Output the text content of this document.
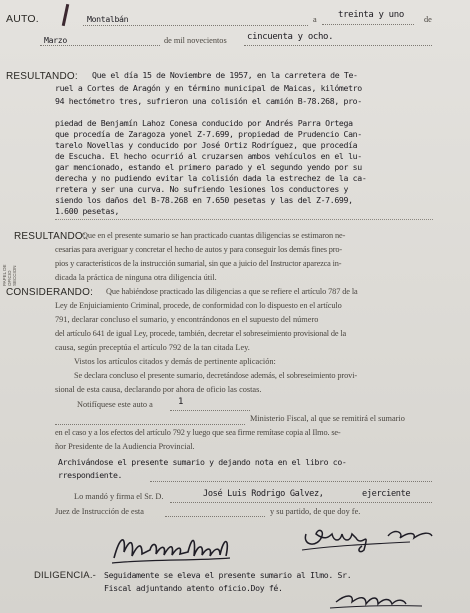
AUTO.	Montalbán	a treinta y uno de
Marzo	de mil novecientos cincuenta y ocho.
RESULTANDO: Que el día 15 de Noviembre de 1957, en la carretera de Te-
ruel a Cortes de Aragón y en término municipal de Maicas, kilómetro
94 hectómetro tres, sufrieron una colisión el camión B-78.268, pro-
piedad de Benjamín Lahoz Conesa conducido por Andrés Parra Ortega
que procedía de Zaragoza yonel Z-7.699, propiedad de Prudencio Can-
tarelo Novellas y conducido por José Ortiz Rodríguez, que procedía
de Escucha. El hecho ocurrió al cruzarsen ambos vehículos en el lu-
gar mencionado, estando el primero parado y el segundo yendo por su
derecha y no pudiendo evitar la colisión dada la estrechez de la ca-
rretera y ser una curva. No sufriendo lesiones los conductores y
siendo los daños del B-78.268 en 7.650 pesetas y las del Z-7.699,
1.600 pesetas,
PAPEL DE OFICIO SECCION
RESULTANDO:
Que en el presente sumario se han practicado cuantas diligencias se estimaron ne-
cesarias para averiguar y concretar el hecho de autos y para conseguir los demás fines pro-
pios y característicos de la instrucción sumarial, sin que a juicio del Instructor aparezca in-
dicada la práctica de ninguna otra diligencia útil.
CONSIDERANDO: Que habiéndose practicado las diligencias a que se refiere el artículo 787 de la
Ley de Enjuiciamiento Criminal, procede, de conformidad con lo dispuesto en el artículo
791, declarar concluso el sumario, y encontrándonos en el supuesto del número
del artículo 641 de igual Ley, procede, también, decretar el sobreseimiento provisional de la
causa, según preceptúa el artículo 792 de la tan citada Ley.
Vistos los artículos citados y demás de pertinente aplicación:
Se declara concluso el presente sumario, decretándose además, el sobreseimiento provi-
sional de esta causa, declarando por ahora de oficio las costas.
Notifíquese este auto a	1
Ministerio Fiscal, al que se remitirá el sumario
en el caso y a los efectos del artículo 792 y luego que sea firme remítase copia al Ilmo. se-
ñor Presidente de la Audiencia Provincial.
Archivándose el presente sumario y dejando nota en el libro co-
rrespondiente.
Lo mandó y firma el Sr. D.	José Luis Rodrigo Galvez,	ejerciente
Juez de Instrucción de esta	y su partido, de que doy fe.
DILIGENCIA.- Seguidamente se eleva el presente sumario al Ilmo. Sr.
Fiscal adjuntando atento oficio.Doy fé.
